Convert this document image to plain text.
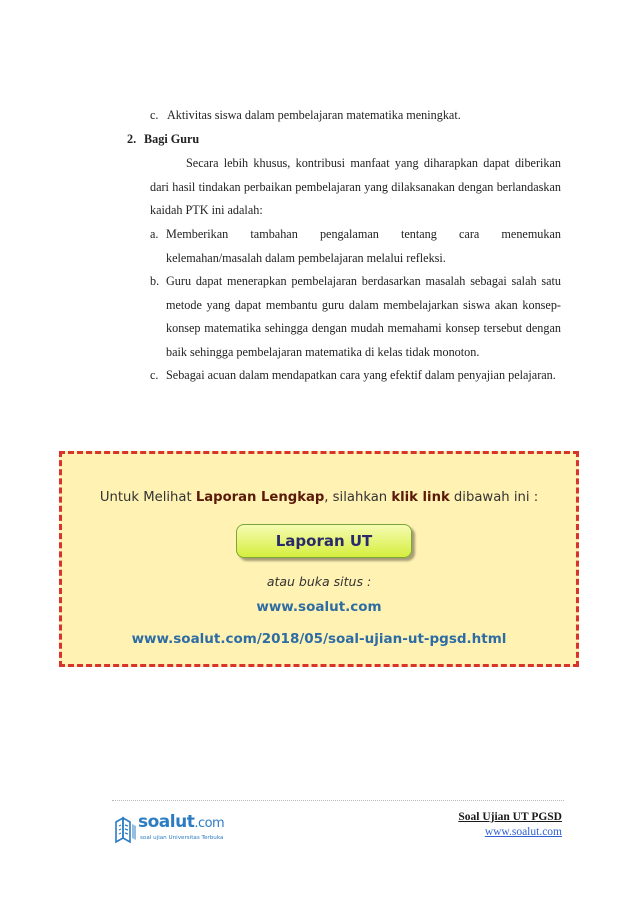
c. Aktivitas siswa dalam pembelajaran matematika meningkat.
2. Bagi Guru
Secara lebih khusus, kontribusi manfaat yang diharapkan dapat diberikan dari hasil tindakan perbaikan pembelajaran yang dilaksanakan dengan berlandaskan kaidah PTK ini adalah:
a. Memberikan tambahan pengalaman tentang cara menemukan kelemahan/masalah dalam pembelajaran melalui refleksi.
b. Guru dapat menerapkan pembelajaran berdasarkan masalah sebagai salah satu metode yang dapat membantu guru dalam membelajarkan siswa akan konsep-konsep matematika sehingga dengan mudah memahami konsep tersebut dengan baik sehingga pembelajaran matematika di kelas tidak monoton.
c. Sebagai acuan dalam mendapatkan cara yang efektif dalam penyajian pelajaran.
Untuk Melihat Laporan Lengkap, silahkan klik link dibawah ini :
Laporan UT
atau buka situs :
www.soalut.com
www.soalut.com/2018/05/soal-ujian-ut-pgsd.html
soalut.com
soal ujian Universitas Terbuka
Soal Ujian UT PGSD
www.soalut.com
